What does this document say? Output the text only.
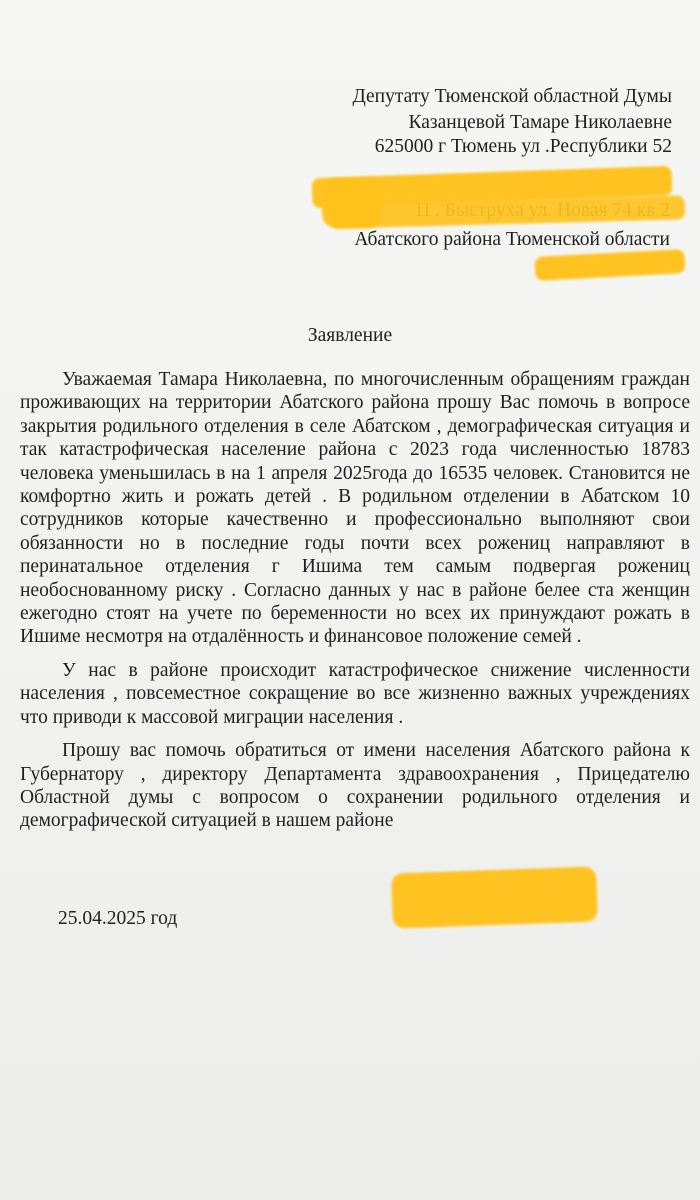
Депутату Тюменской областной Думы
Казанцевой Тамаре Николаевне
625000 г Тюмень ул .Республики 52
Абатского района Тюменской области
Заявление

Уважаемая Тамара Николаевна, по многочисленным обращениям граждан проживающих на территории Абатского района прошу Вас помочь в вопросе закрытия родильного отделения в селе Абатском , демографическая ситуация и так катастрофическая население района с 2023 года численностью 18783 человека уменьшилась в на 1 апреля 2025года до 16535 человек. Становится не комфортно жить и рожать детей . В родильном отделении в Абатском 10 сотрудников которые качественно и профессионально выполняют свои обязанности но в последние годы почти всех рожениц направляют в перинатальное отделения г Ишима тем самым подвергая рожениц необоснованному риску . Согласно данных у нас в районе белее ста женщин ежегодно стоят на учете по беременности но всех их принуждают рожать в Ишиме несмотря на отдалённость и финансовое положение семей .

У нас в районе происходит катастрофическое снижение численности населения , повсеместное сокращение во все жизненно важных учреждениях что приводи к массовой миграции населения .

Прошу вас помочь обратиться от имени населения Абатского района к Губернатору , директору Департамента здравоохранения , Прицедателю Областной думы с вопросом о сохранении родильного отделения и демографической ситуацией в нашем районе

25.04.2025 год
